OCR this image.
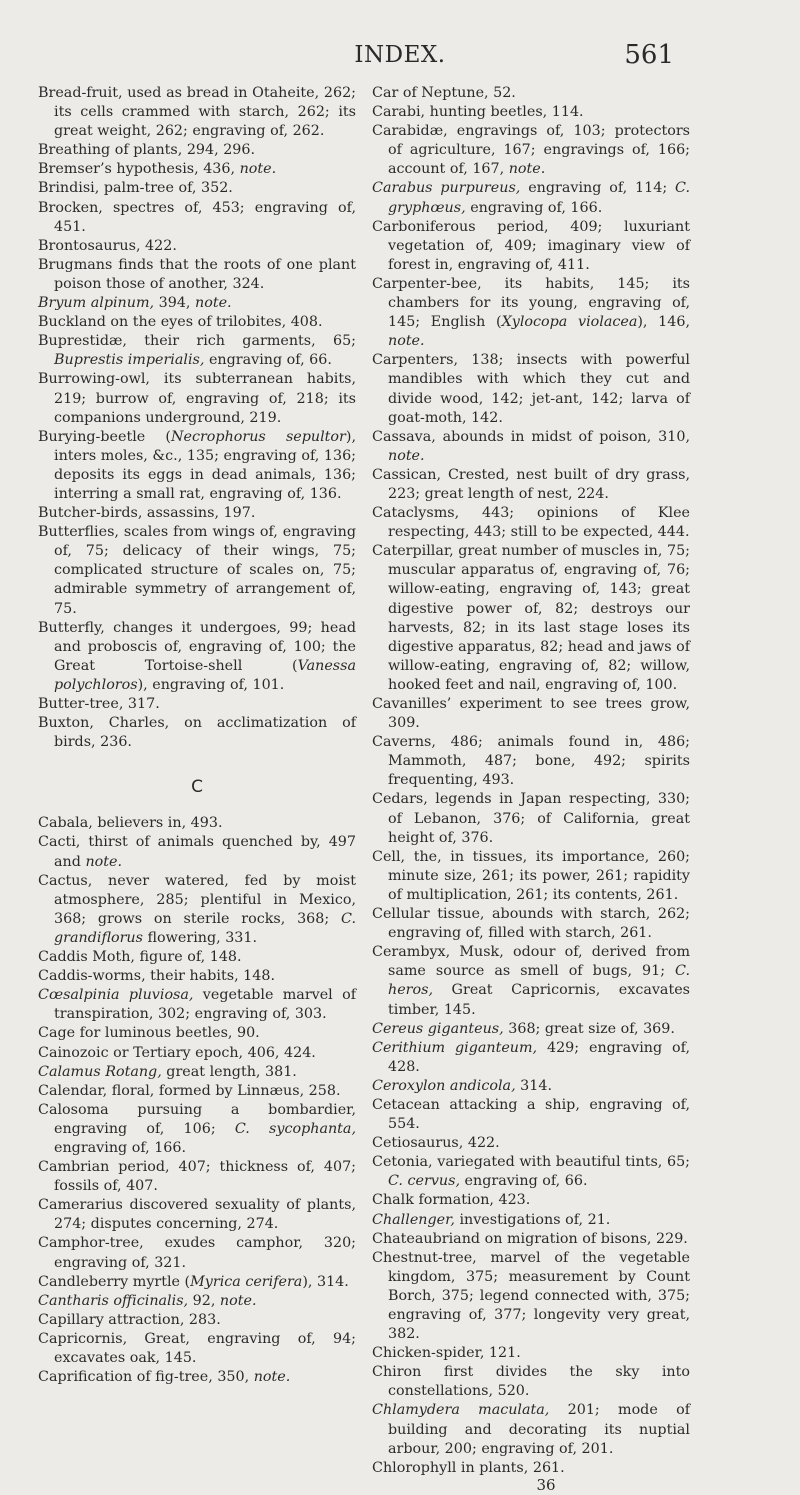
INDEX.	561

Bread-fruit, used as bread in Otaheite, 262; its cells crammed with starch, 262; its great weight, 262; engraving of, 262.

Breathing of plants, 294, 296.

Bremser’s hypothesis, 436, note.

Brindisi, palm-tree of, 352.

Brocken, spectres of, 453; engraving of, 451.

Brontosaurus, 422.

Brugmans finds that the roots of one plant poison those of another, 324.

Bryum alpinum, 394, note.

Buckland on the eyes of trilobites, 408.

Buprestidæ, their rich garments, 65; Buprestis imperialis, engraving of, 66.

Burrowing-owl, its subterranean habits, 219; burrow of, engraving of, 218; its companions underground, 219.

Burying-beetle (Necrophorus sepultor), inters moles, &c., 135; engraving of, 136; deposits its eggs in dead animals, 136; interring a small rat, engraving of, 136.

Butcher-birds, assassins, 197.

Butterflies, scales from wings of, engraving of, 75; delicacy of their wings, 75; complicated structure of scales on, 75; admirable symmetry of arrangement of, 75.

Butterfly, changes it undergoes, 99; head and proboscis of, engraving of, 100; the Great Tortoise-shell (Vanessa polychloros), engraving of, 101.

Butter-tree, 317.

Buxton, Charles, on acclimatization of birds, 236.

C

Cabala, believers in, 493.

Cacti, thirst of animals quenched by, 497 and note.

Cactus, never watered, fed by moist atmosphere, 285; plentiful in Mexico, 368; grows on sterile rocks, 368; C. grandiflorus flowering, 331.

Caddis Moth, figure of, 148.

Caddis-worms, their habits, 148.

Cœsalpinia pluviosa, vegetable marvel of transpiration, 302; engraving of, 303.

Cage for luminous beetles, 90.

Cainozoic or Tertiary epoch, 406, 424.

Calamus Rotang, great length, 381.

Calendar, floral, formed by Linnæus, 258.

Calosoma pursuing a bombardier, engraving of, 106; C. sycophanta, engraving of, 166.

Cambrian period, 407; thickness of, 407; fossils of, 407.

Camerarius discovered sexuality of plants, 274; disputes concerning, 274.

Camphor-tree, exudes camphor, 320; engraving of, 321.

Candleberry myrtle (Myrica cerifera), 314.

Cantharis officinalis, 92, note.

Capillary attraction, 283.

Capricornis, Great, engraving of, 94; excavates oak, 145.

Caprification of fig-tree, 350, note.

Car of Neptune, 52.

Carabi, hunting beetles, 114.

Carabidæ, engravings of, 103; protectors of agriculture, 167; engravings of, 166; account of, 167, note.

Carabus purpureus, engraving of, 114; C. gryphœus, engraving of, 166.

Carboniferous period, 409; luxuriant vegetation of, 409; imaginary view of forest in, engraving of, 411.

Carpenter-bee, its habits, 145; its chambers for its young, engraving of, 145; English (Xylocopa violacea), 146, note.

Carpenters, 138; insects with powerful mandibles with which they cut and divide wood, 142; jet-ant, 142; larva of goat-moth, 142.

Cassava, abounds in midst of poison, 310, note.

Cassican, Crested, nest built of dry grass, 223; great length of nest, 224.

Cataclysms, 443; opinions of Klee respecting, 443; still to be expected, 444.

Caterpillar, great number of muscles in, 75; muscular apparatus of, engraving of, 76; willow-eating, engraving of, 143; great digestive power of, 82; destroys our harvests, 82; in its last stage loses its digestive apparatus, 82; head and jaws of willow-eating, engraving of, 82; willow, hooked feet and nail, engraving of, 100.

Cavanilles’ experiment to see trees grow, 309.

Caverns, 486; animals found in, 486; Mammoth, 487; bone, 492; spirits frequenting, 493.

Cedars, legends in Japan respecting, 330; of Lebanon, 376; of California, great height of, 376.

Cell, the, in tissues, its importance, 260; minute size, 261; its power, 261; rapidity of multiplication, 261; its contents, 261.

Cellular tissue, abounds with starch, 262; engraving of, filled with starch, 261.

Cerambyx, Musk, odour of, derived from same source as smell of bugs, 91; C. heros, Great Capricornis, excavates timber, 145.

Cereus giganteus, 368; great size of, 369.

Cerithium giganteum, 429; engraving of, 428.

Ceroxylon andicola, 314.

Cetacean attacking a ship, engraving of, 554.

Cetiosaurus, 422.

Cetonia, variegated with beautiful tints, 65; C. cervus, engraving of, 66.

Chalk formation, 423.

Challenger, investigations of, 21.

Chateaubriand on migration of bisons, 229.

Chestnut-tree, marvel of the vegetable kingdom, 375; measurement by Count Borch, 375; legend connected with, 375; engraving of, 377; longevity very great, 382.

Chicken-spider, 121.

Chiron first divides the sky into constellations, 520.

Chlamydera maculata, 201; mode of building and decorating its nuptial arbour, 200; engraving of, 201.

Chlorophyll in plants, 261.

36
